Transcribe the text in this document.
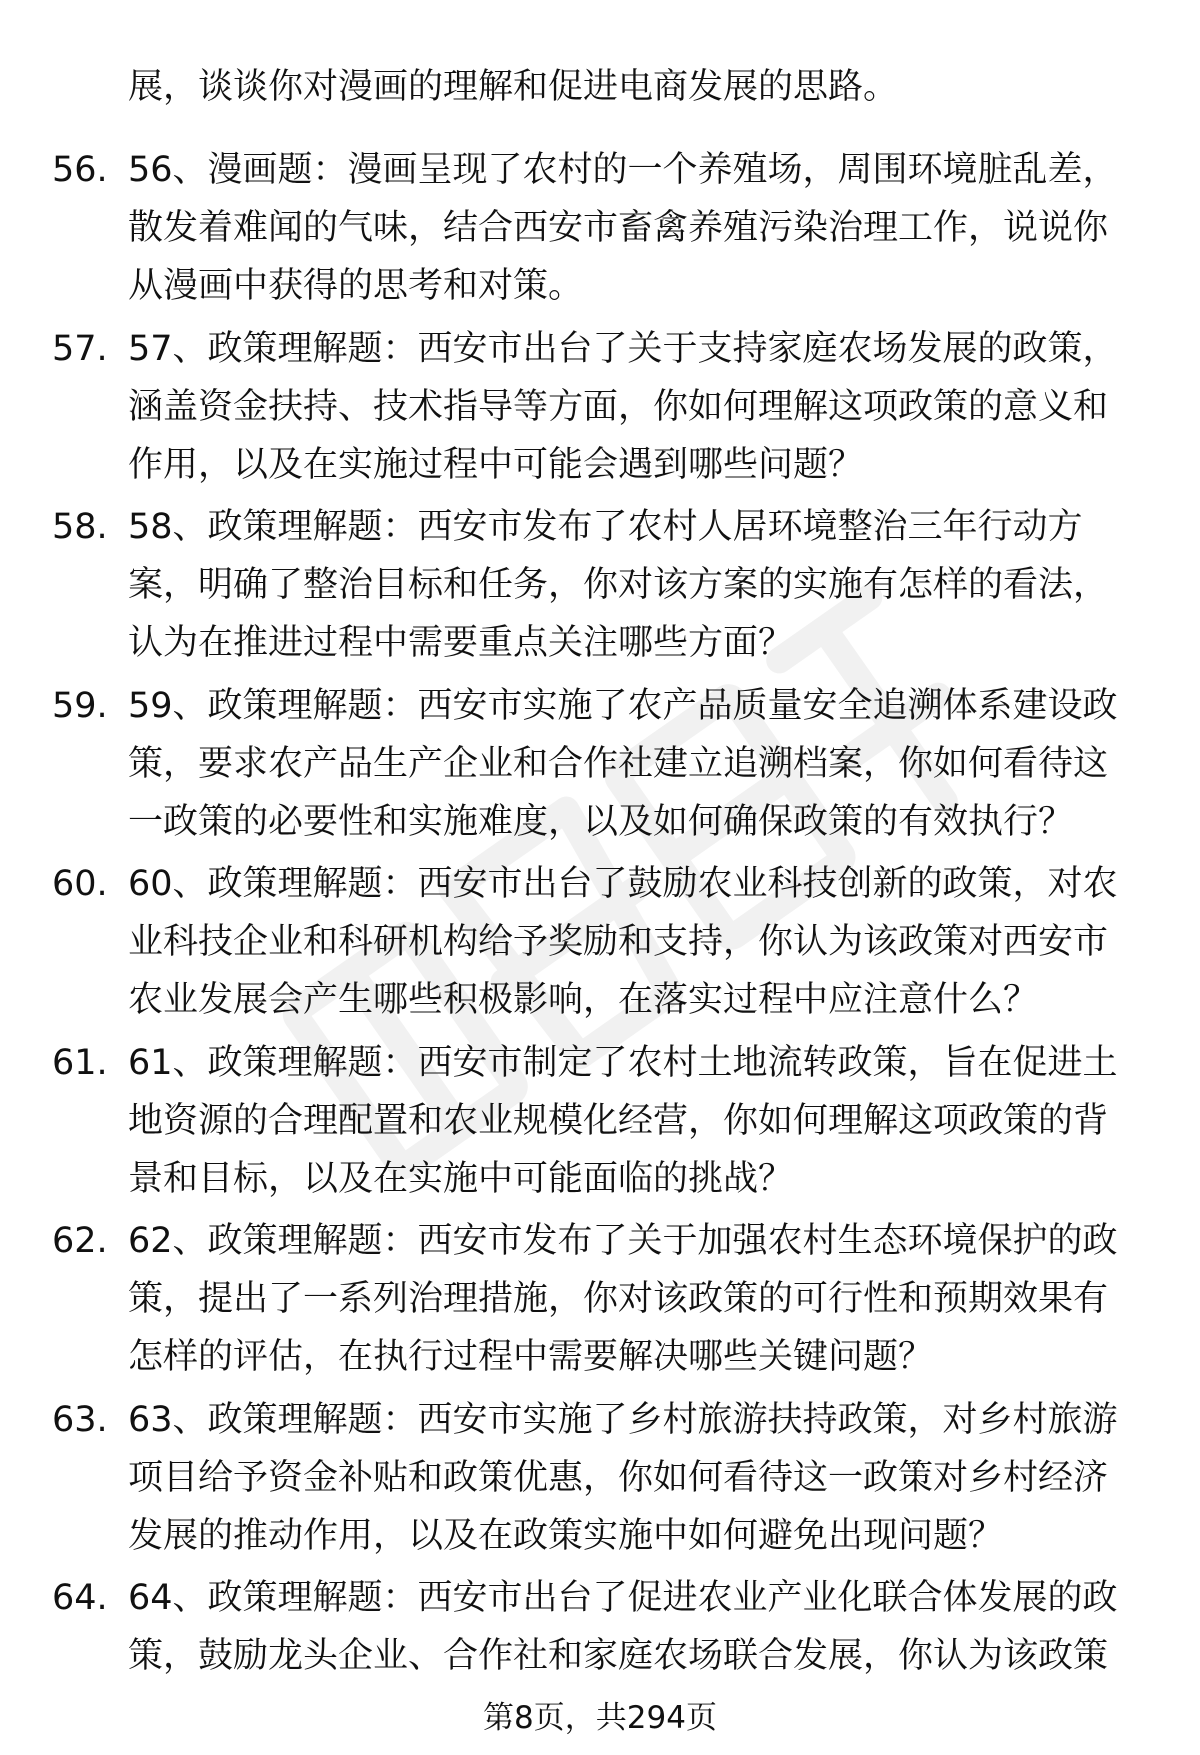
展，谈谈你对漫画的理解和促进电商发展的思路。

56. 56、漫画题：漫画呈现了农村的一个养殖场，周围环境脏乱差，
散发着难闻的气味，结合西安市畜禽养殖污染治理工作，说说你
从漫画中获得的思考和对策。

57. 57、政策理解题：西安市出台了关于支持家庭农场发展的政策，
涵盖资金扶持、技术指导等方面，你如何理解这项政策的意义和
作用，以及在实施过程中可能会遇到哪些问题？

58. 58、政策理解题：西安市发布了农村人居环境整治三年行动方
案，明确了整治目标和任务，你对该方案的实施有怎样的看法，
认为在推进过程中需要重点关注哪些方面？

59. 59、政策理解题：西安市实施了农产品质量安全追溯体系建设政
策，要求农产品生产企业和合作社建立追溯档案，你如何看待这
一政策的必要性和实施难度，以及如何确保政策的有效执行？

60. 60、政策理解题：西安市出台了鼓励农业科技创新的政策，对农
业科技企业和科研机构给予奖励和支持，你认为该政策对西安市
农业发展会产生哪些积极影响，在落实过程中应注意什么？

61. 61、政策理解题：西安市制定了农村土地流转政策，旨在促进土
地资源的合理配置和农业规模化经营，你如何理解这项政策的背
景和目标，以及在实施中可能面临的挑战？

62. 62、政策理解题：西安市发布了关于加强农村生态环境保护的政
策，提出了一系列治理措施，你对该政策的可行性和预期效果有
怎样的评估，在执行过程中需要解决哪些关键问题？

63. 63、政策理解题：西安市实施了乡村旅游扶持政策，对乡村旅游
项目给予资金补贴和政策优惠，你如何看待这一政策对乡村经济
发展的推动作用，以及在政策实施中如何避免出现问题？

64. 64、政策理解题：西安市出台了促进农业产业化联合体发展的政
策，鼓励龙头企业、合作社和家庭农场联合发展，你认为该政策

第8页，共294页
